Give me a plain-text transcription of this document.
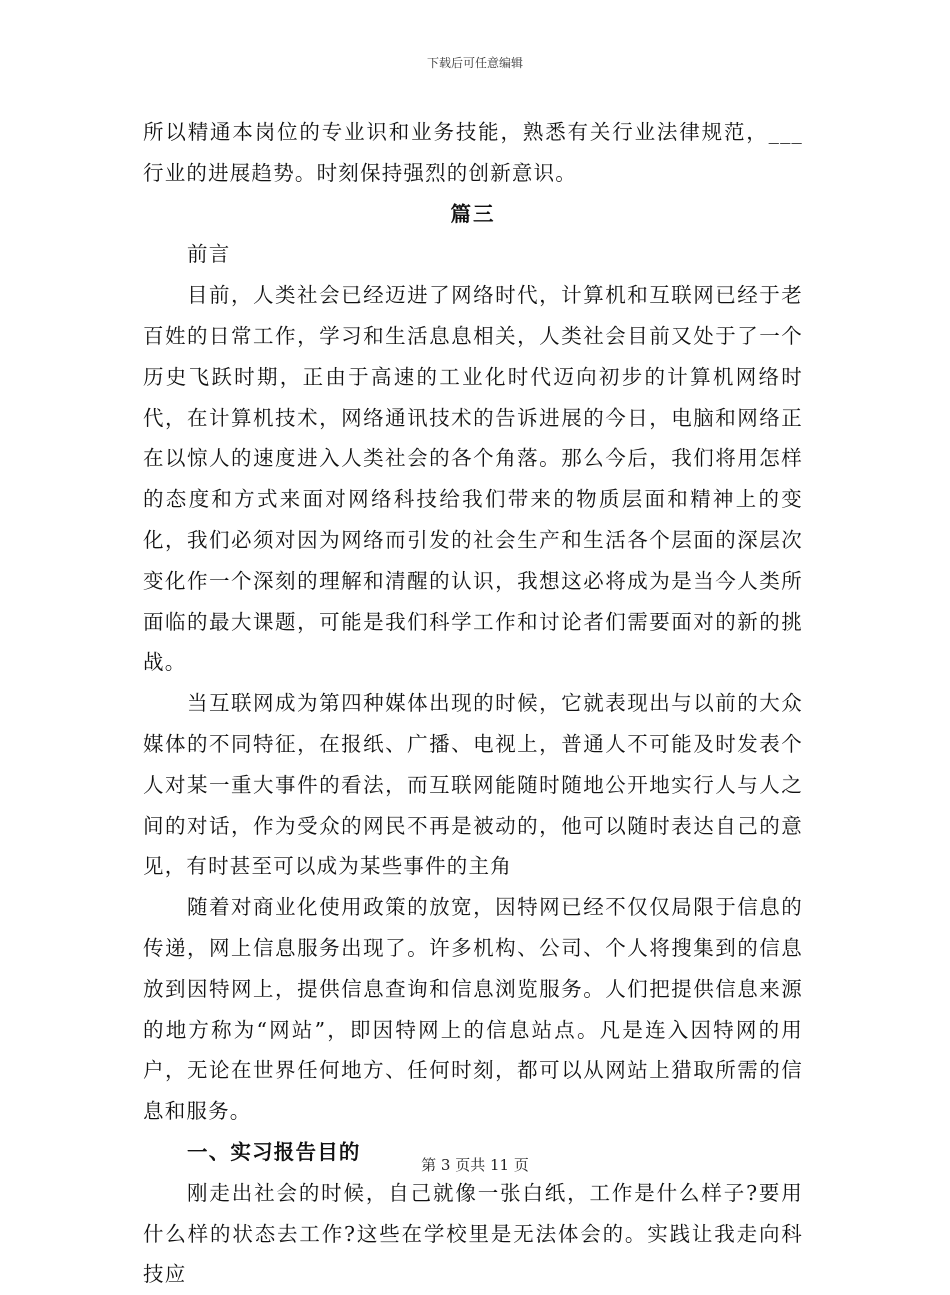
下载后可任意编辑

所以精通本岗位的专业识和业务技能，熟悉有关行业法律规范，___行业的进展趋势。时刻保持强烈的创新意识。

篇三

前言

目前，人类社会已经迈进了网络时代，计算机和互联网已经于老百姓的日常工作，学习和生活息息相关，人类社会目前又处于了一个历史飞跃时期，正由于高速的工业化时代迈向初步的计算机网络时代，在计算机技术，网络通讯技术的告诉进展的今日，电脑和网络正在以惊人的速度进入人类社会的各个角落。那么今后，我们将用怎样的态度和方式来面对网络科技给我们带来的物质层面和精神上的变化，我们必须对因为网络而引发的社会生产和生活各个层面的深层次变化作一个深刻的理解和清醒的认识，我想这必将成为是当今人类所面临的最大课题，可能是我们科学工作和讨论者们需要面对的新的挑战。

当互联网成为第四种媒体出现的时候，它就表现出与以前的大众媒体的不同特征，在报纸、广播、电视上，普通人不可能及时发表个人对某一重大事件的看法，而互联网能随时随地公开地实行人与人之间的对话，作为受众的网民不再是被动的，他可以随时表达自己的意见，有时甚至可以成为某些事件的主角

随着对商业化使用政策的放宽，因特网已经不仅仅局限于信息的传递，网上信息服务出现了。许多机构、公司、个人将搜集到的信息放到因特网上，提供信息查询和信息浏览服务。人们把提供信息来源的地方称为“网站”，即因特网上的信息站点。凡是连入因特网的用户，无论在世界任何地方、任何时刻，都可以从网站上猎取所需的信息和服务。

一、实习报告目的

刚走出社会的时候，自己就像一张白纸，工作是什么样子?要用什么样的状态去工作?这些在学校里是无法体会的。实践让我走向科技应

第 3 页共 11 页
